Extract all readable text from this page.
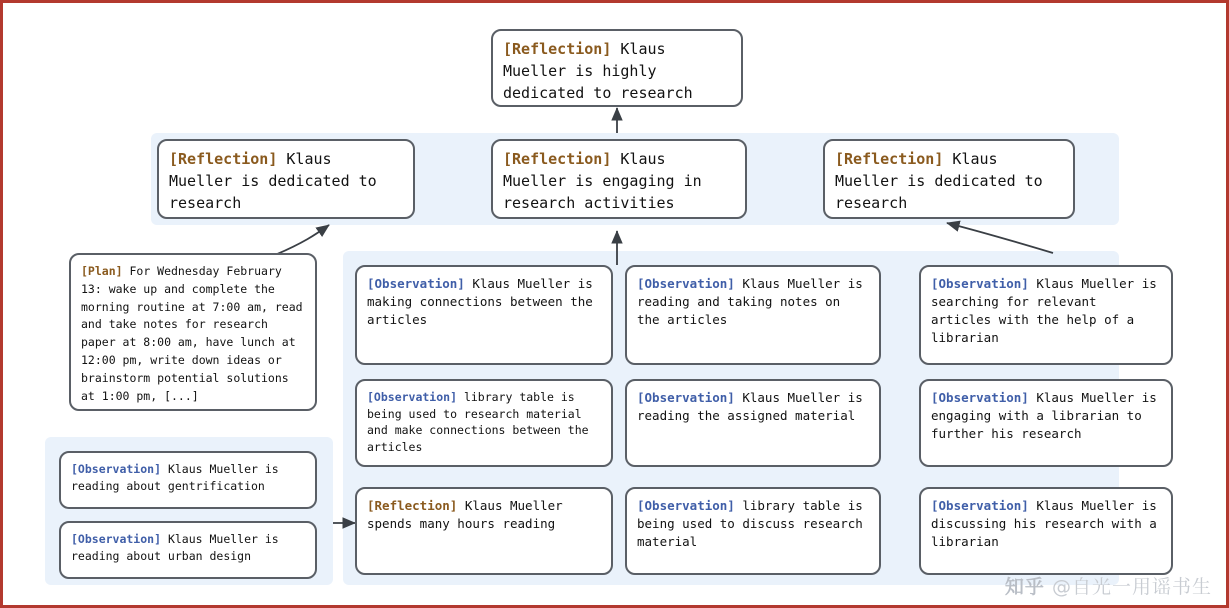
[Reflection] Klaus Mueller is highly dedicated to research
[Reflection] Klaus Mueller is dedicated to research
[Reflection] Klaus Mueller is engaging in research activities
[Reflection] Klaus Mueller is dedicated to research
[Plan] For Wednesday February 13: wake up and complete the morning routine at 7:00 am, read and take notes for research paper at 8:00 am, have lunch at 12:00 pm, write down ideas or brainstorm potential solutions at 1:00 pm, [...]
[Observation] Klaus Mueller is reading about gentrification
[Observation] Klaus Mueller is reading about urban design
[Observation] Klaus Mueller is making connections between the articles
[Observation] library table is being used to research material and make connections between the articles
[Reflection] Klaus Mueller spends many hours reading
[Observation] Klaus Mueller is reading and taking notes on the articles
[Observation] Klaus Mueller is reading the assigned material
[Observation] library table is being used to discuss research material
[Observation] Klaus Mueller is searching for relevant articles with the help of a librarian
[Observation] Klaus Mueller is engaging with a librarian to further his research
[Observation] Klaus Mueller is discussing his research with a librarian
知乎 @自光一用谣书生
